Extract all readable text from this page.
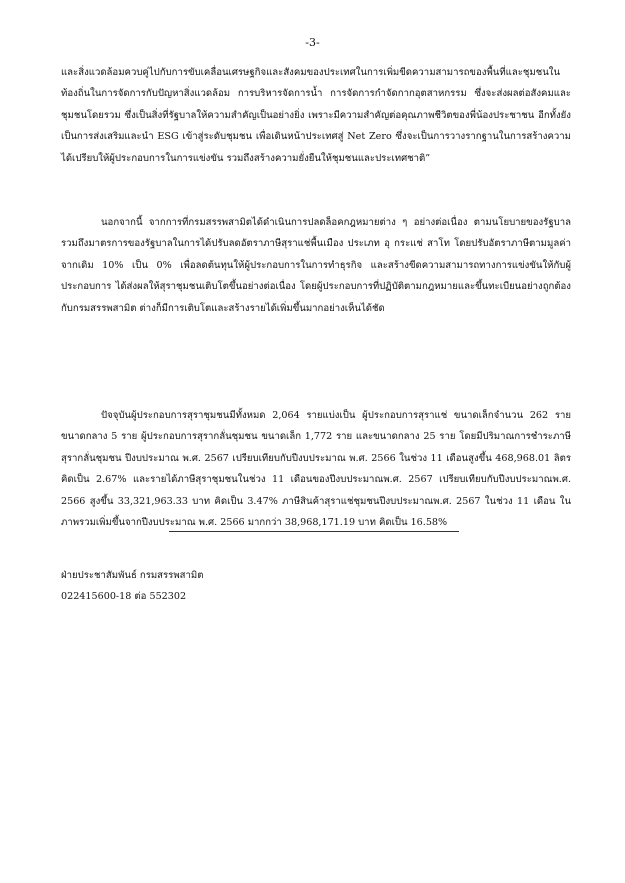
-3-

และสิ่งแวดล้อมควบคู่ไปกับการขับเคลื่อนเศรษฐกิจและสังคมของประเทศในการเพิ่มขีดความสามารถของพื้นที่และชุมชนในท้องถิ่นในการจัดการกับปัญหาสิ่งแวดล้อม การบริหารจัดการน้ำ การจัดการกำจัดกากอุตสาหกรรม ซึ่งจะส่งผลต่อสังคมและชุมชนโดยรวม ซึ่งเป็นสิ่งที่รัฐบาลให้ความสำคัญเป็นอย่างยิ่ง เพราะมีความสำคัญต่อคุณภาพชีวิตของพี่น้องประชาชน อีกทั้งยังเป็นการส่งเสริมและนำ ESG เข้าสู่ระดับชุมชน เพื่อเดินหน้าประเทศสู่ Net Zero ซึ่งจะเป็นการวางรากฐานในการสร้างความได้เปรียบให้ผู้ประกอบการในการแข่งขัน รวมถึงสร้างความยั่งยืนให้ชุมชนและประเทศชาติ”

นอกจากนี้ จากการที่กรมสรรพสามิตได้ดำเนินการปลดล็อคกฎหมายต่าง ๆ อย่างต่อเนื่อง ตามนโยบายของรัฐบาล รวมถึงมาตรการของรัฐบาลในการได้ปรับลดอัตราภาษีสุราแช่พื้นเมือง ประเภท อุ กระแช่ สาโท โดยปรับอัตราภาษีตามมูลค่าจากเดิม 10% เป็น 0% เพื่อลดต้นทุนให้ผู้ประกอบการในการทำธุรกิจ และสร้างขีดความสามารถทางการแข่งขันให้กับผู้ประกอบการ ได้ส่งผลให้สุราชุมชนเติบโตขึ้นอย่างต่อเนื่อง โดยผู้ประกอบการที่ปฏิบัติตามกฎหมายและขึ้นทะเบียนอย่างถูกต้องกับกรมสรรพสามิต ต่างก็มีการเติบโตและสร้างรายได้เพิ่มขึ้นมากอย่างเห็นได้ชัด

ปัจจุบันผู้ประกอบการสุราชุมชนมีทั้งหมด 2,064 รายแบ่งเป็น ผู้ประกอบการสุราแช่ ขนาดเล็กจำนวน 262 ราย ขนาดกลาง 5 ราย ผู้ประกอบการสุรากลั่นชุมชน ขนาดเล็ก 1,772 ราย และขนาดกลาง 25 ราย โดยมีปริมาณการชำระภาษีสุรากลั่นชุมชน ปีงบประมาณ พ.ศ. 2567 เปรียบเทียบกับปีงบประมาณ พ.ศ. 2566 ในช่วง 11 เดือนสูงขึ้น 468,968.01 ลิตร คิดเป็น 2.67% และรายได้ภาษีสุราชุมชนในช่วง 11 เดือนของปีงบประมาณพ.ศ. 2567 เปรียบเทียบกับปีงบประมาณพ.ศ. 2566 สูงขึ้น 33,321,963.33 บาท คิดเป็น 3.47% ภาษีสินค้าสุราแช่ชุมชนปีงบประมาณพ.ศ. 2567 ในช่วง 11 เดือน ในภาพรวมเพิ่มขึ้นจากปีงบประมาณ พ.ศ. 2566 มากกว่า 38,968,171.19 บาท คิดเป็น 16.58%

ฝ่ายประชาสัมพันธ์ กรมสรรพสามิต

022415600-18 ต่อ 552302
